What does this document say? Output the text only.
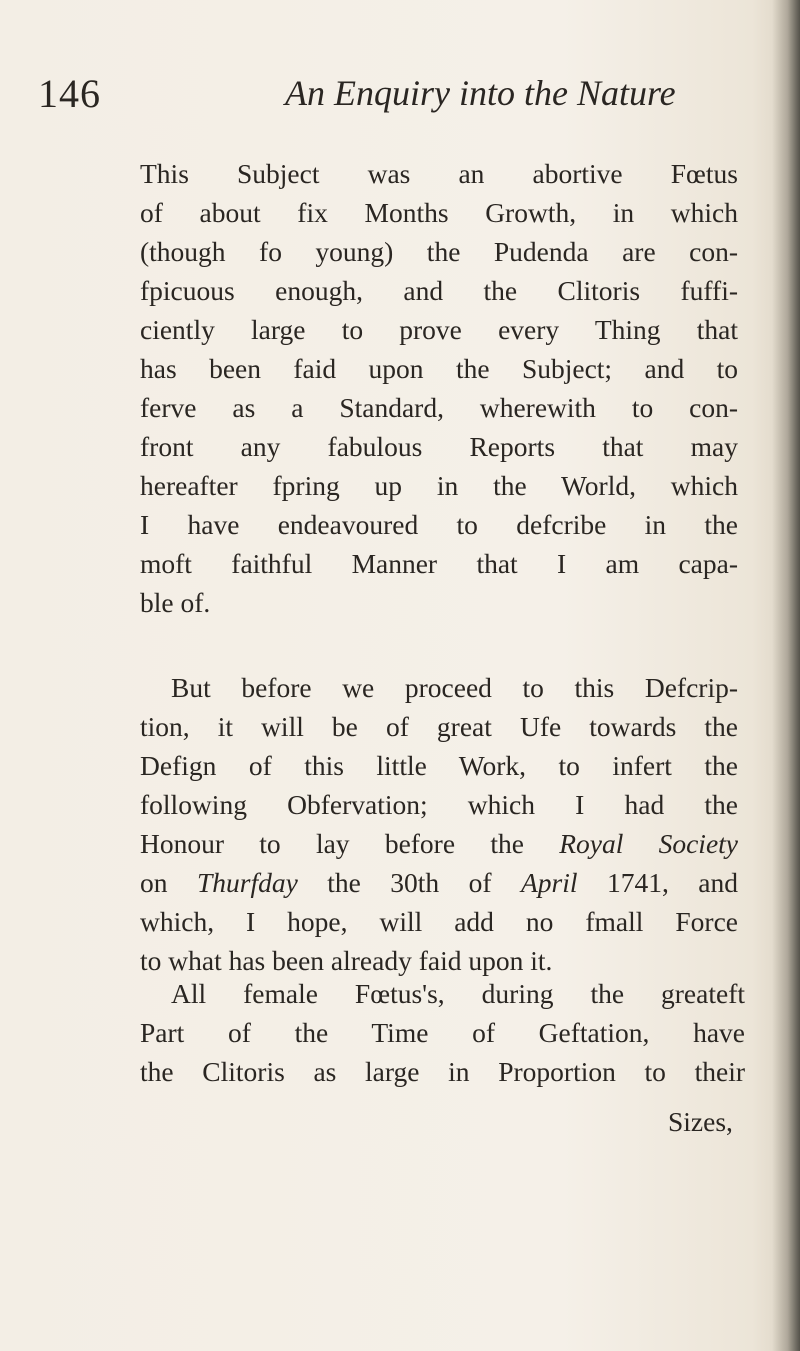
146	An Enquiry into the Nature

This Subject was an abortive Fœtus
of about fix Months Growth, in which
(though fo young) the Pudenda are con-
fpicuous enough, and the Clitoris fuffi-
ciently large to prove every Thing that
has been faid upon the Subject; and to
ferve as a Standard, wherewith to con-
front any fabulous Reports that may
hereafter fpring up in the World, which
I have endeavoured to defcribe in the
moft faithful Manner that I am capa-
ble of.

But before we proceed to this Defcrip-
tion, it will be of great Ufe towards the
Defign of this little Work, to infert the
following Obfervation; which I had the
Honour to lay before the Royal Society
on Thurfday the 30th of April 1741, and
which, I hope, will add no fmall Force
to what has been already faid upon it.

All female Fœtus's, during the greateft
Part of the Time of Geftation, have
the Clitoris as large in Proportion to their

Sizes,
